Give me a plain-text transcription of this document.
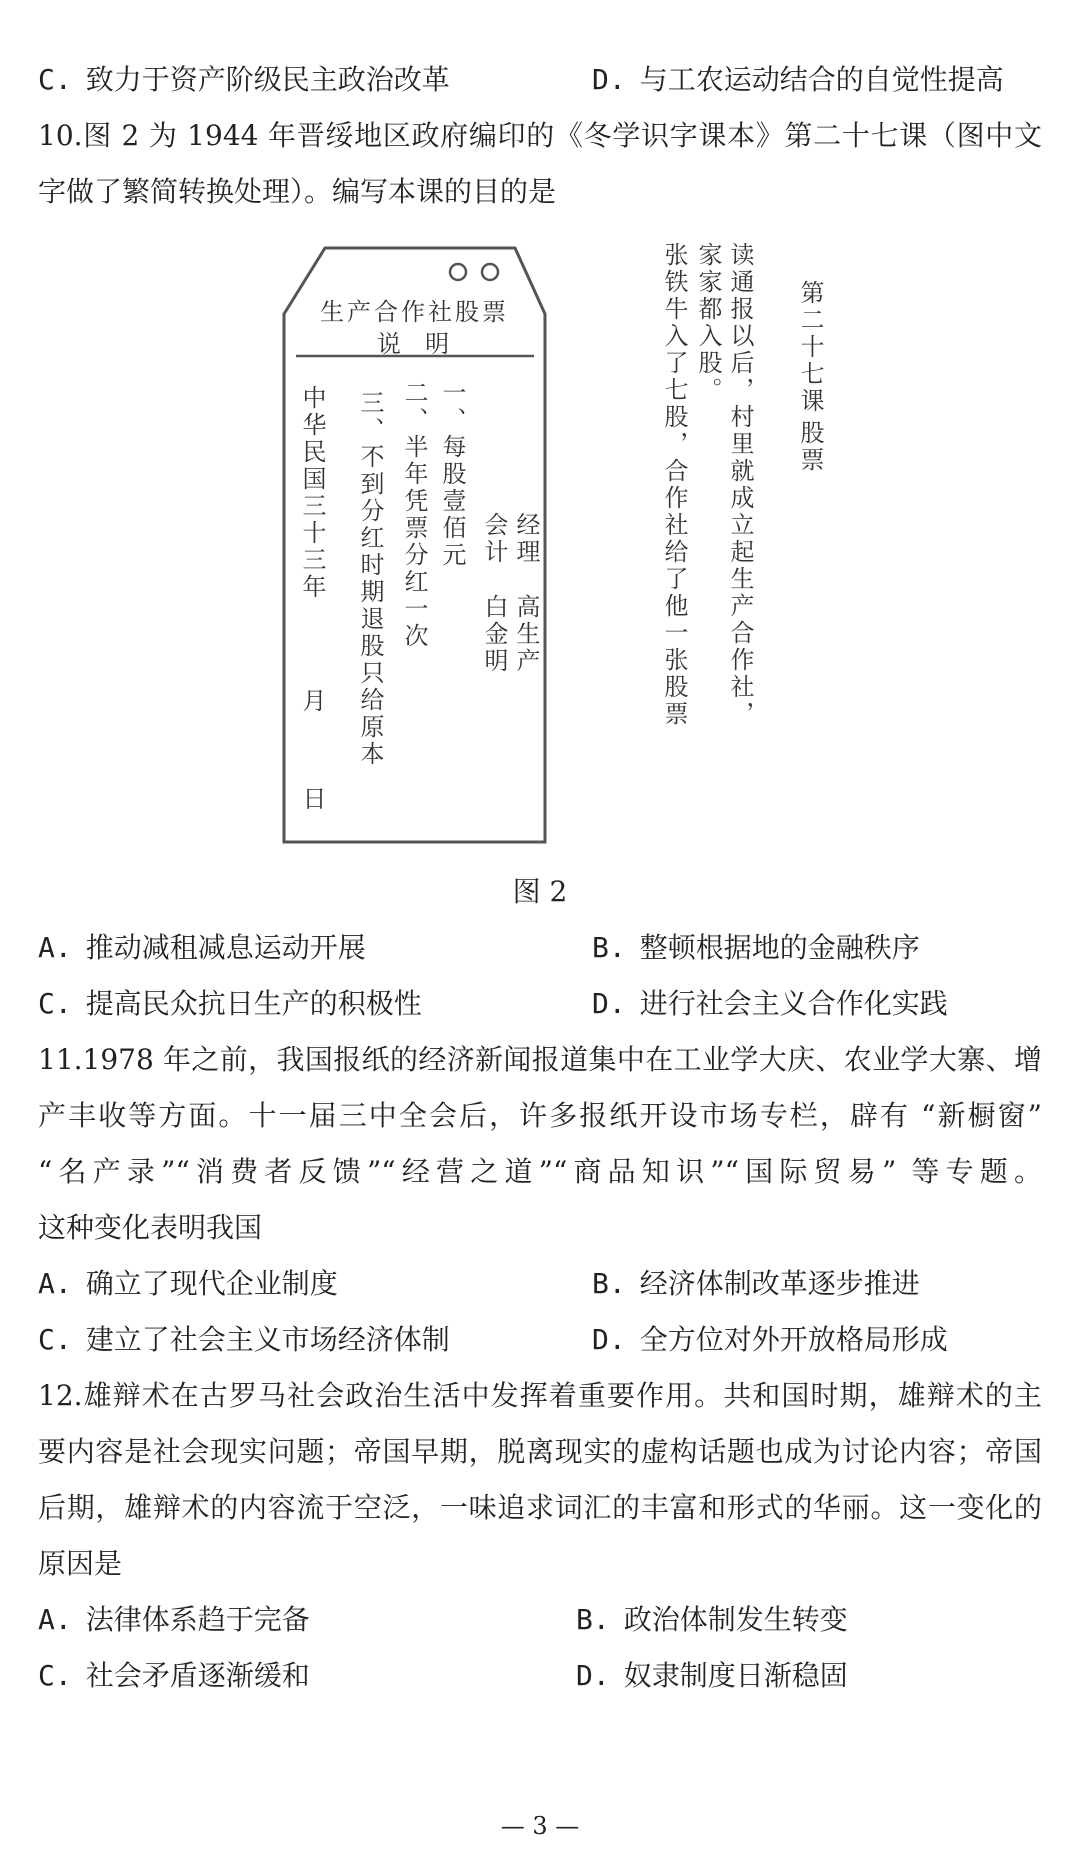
C. 致力于资产阶级民主政治改革	D. 与工农运动结合的自觉性提高
10.图 2 为 1944 年晋绥地区政府编印的《冬学识字课本》第二十七课（图中文
字做了繁简转换处理）。编写本课的目的是
生产合作社股票
说  明
一、每股壹佰元
二、半年凭票分红一次
三、不到分红时期退股只给原本
中华民国三十三年
月
日
经理
高生产
会计
白金明
第二十七课
股票
读通报以后，村里就成立起生产合作社，
家家都入股。
张铁牛入了七股，合作社给了他一张股票
图 2
A. 推动减租减息运动开展	B. 整顿根据地的金融秩序
C. 提高民众抗日生产的积极性	D. 进行社会主义合作化实践
11.1978 年之前，我国报纸的经济新闻报道集中在工业学大庆、农业学大寨、增
产丰收等方面。十一届三中全会后，许多报纸开设市场专栏，辟有 “新橱窗”
“名产录”“消费者反馈”“经营之道”“商品知识”“国际贸易” 等专题。
这种变化表明我国
A. 确立了现代企业制度	B. 经济体制改革逐步推进
C. 建立了社会主义市场经济体制	D. 全方位对外开放格局形成
12.雄辩术在古罗马社会政治生活中发挥着重要作用。共和国时期，雄辩术的主
要内容是社会现实问题；帝国早期，脱离现实的虚构话题也成为讨论内容；帝国
后期，雄辩术的内容流于空泛，一味追求词汇的丰富和形式的华丽。这一变化的
原因是
A. 法律体系趋于完备	B. 政治体制发生转变
C. 社会矛盾逐渐缓和	D. 奴隶制度日渐稳固
— 3 —
